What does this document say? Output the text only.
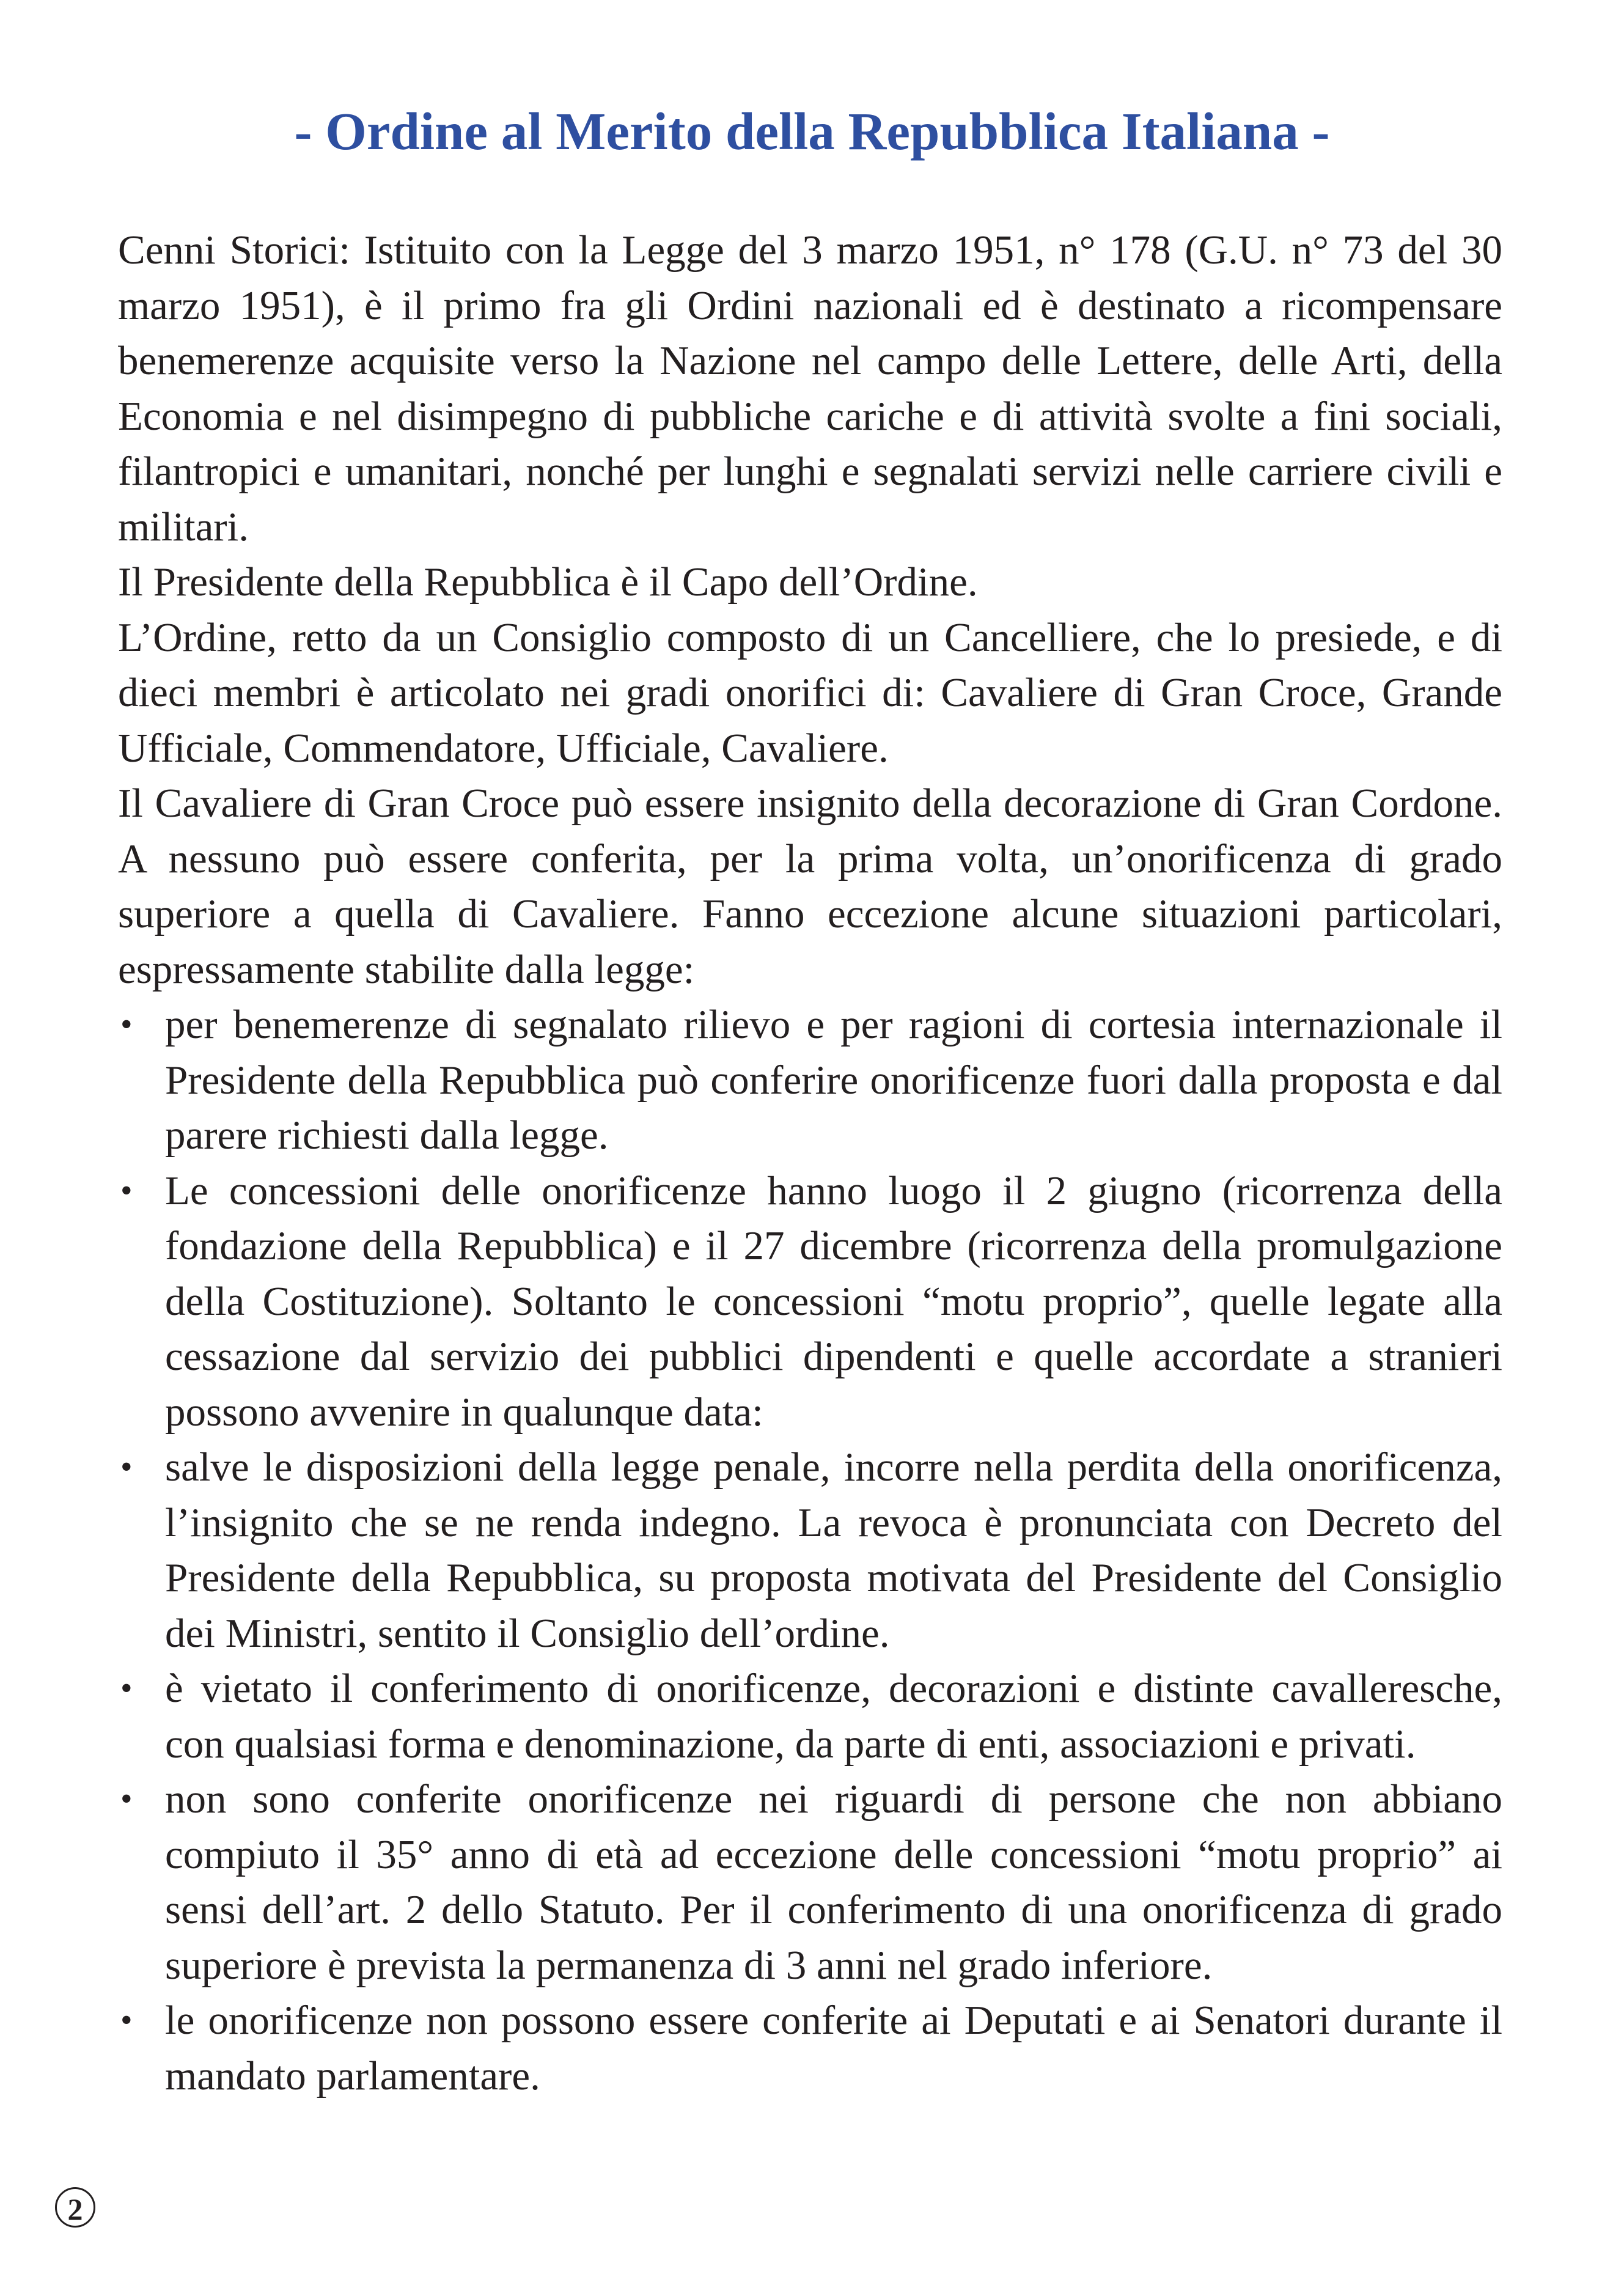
- Ordine al Merito della Repubblica Italiana -

Cenni Storici: Istituito con la Legge del 3 marzo 1951, n° 178 (G.U. n° 73 del 30 marzo 1951), è il primo fra gli Ordini nazionali ed è destinato a ricompensare benemerenze acquisite verso la Nazione nel campo delle Lettere, delle Arti, della Economia e nel disimpegno di pubbliche cariche e di attività svolte a fini sociali, filantropici e umanitari, nonché per lunghi e segnalati servizi nelle carriere civili e militari.

Il Presidente della Repubblica è il Capo dell’Ordine.

L’Ordine, retto da un Consiglio composto di un Cancelliere, che lo presiede, e di dieci membri è articolato nei gradi onorifici di: Cavaliere di Gran Croce, Grande Ufficiale, Commendatore, Ufficiale, Cavaliere.

Il Cavaliere di Gran Croce può essere insignito della decorazione di Gran Cordone. A nessuno può essere conferita, per la prima volta, un’onorificenza di grado superiore a quella di Cavaliere. Fanno eccezione alcune situazioni particolari, espressamente stabilite dalla legge:

• per benemerenze di segnalato rilievo e per ragioni di cortesia internazionale il Presidente della Repubblica può conferire onorificenze fuori dalla proposta e dal parere richiesti dalla legge.
• Le concessioni delle onorificenze hanno luogo il 2 giugno (ricorrenza della fondazione della Repubblica) e il 27 dicembre (ricorrenza della promulgazione della Costituzione). Soltanto le concessioni “motu proprio”, quelle legate alla cessazione dal servizio dei pubblici dipendenti e quelle accordate a stranieri possono avvenire in qualunque data:
• salve le disposizioni della legge penale, incorre nella perdita della onorificenza, l’insignito che se ne renda indegno. La revoca è pronunciata con Decreto del Presidente della Repubblica, su proposta motivata del Presidente del Consiglio dei Ministri, sentito il Consiglio dell’ordine.
• è vietato il conferimento di onorificenze, decorazioni e distinte cavalleresche, con qualsiasi forma e denominazione, da parte di enti, associazioni e privati.
• non sono conferite onorificenze nei riguardi di persone che non abbiano compiuto il 35° anno di età ad eccezione delle concessioni “motu proprio” ai sensi dell’art. 2 dello Statuto. Per il conferimento di una onorificenza di grado superiore è prevista la permanenza di 3 anni nel grado inferiore.
• le onorificenze non possono essere conferite ai Deputati e ai Senatori durante il mandato parlamentare.
2
